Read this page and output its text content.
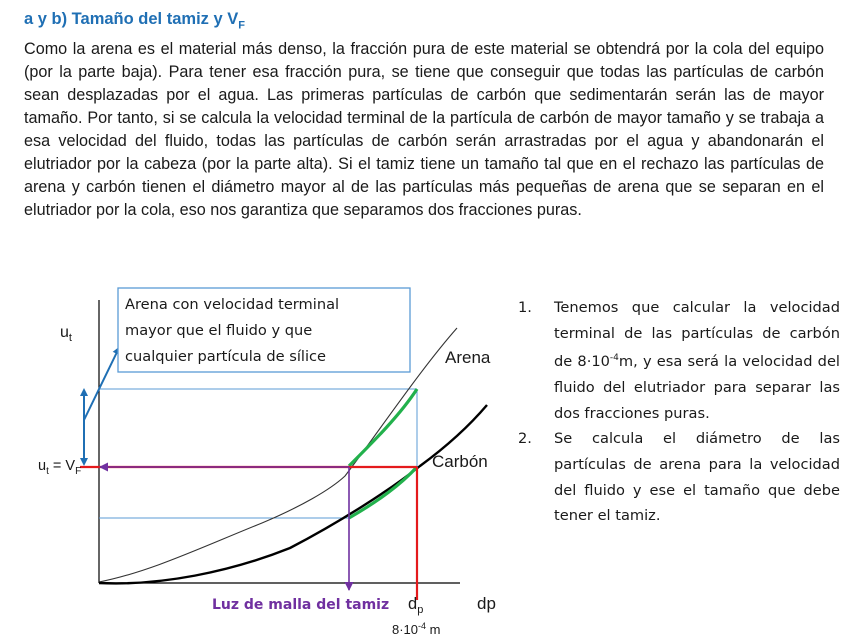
a y b) Tamaño del tamiz y $V_F$
Como la arena es el material más denso, la fracción pura de este material se obtendrá por la cola del equipo (por la parte baja). Para tener esa fracción pura, se tiene que conseguir que todas las partículas de carbón sean desplazadas por el agua. Las primeras partículas de carbón que sedimentarán serán las de mayor tamaño. Por tanto, si se calcula la velocidad terminal de la partícula de carbón de mayor tamaño y se trabaja a esa velocidad del fluido, todas las partículas de carbón serán arrastradas por el agua y abandonarán el elutriador por la cabeza (por la parte alta). Si el tamiz tiene un tamaño tal que en el rechazo las partículas de arena y carbón tienen el diámetro mayor al de las partículas más pequeñas de arena que se separan en el elutriador por la cola, eso nos garantiza que separamos dos fracciones puras.
Arena con velocidad terminal
mayor que el fluido y que
cualquier partícula de sílice
$u_t$
$u_t = V_F$
Arena
Carbón
Luz de malla del tamiz $d_p$	dp
$8\cdot 10^{-4}$ m
1.	Tenemos que calcular la velocidad terminal de las partículas de carbón de $8\cdot 10^{-4}m$, y esa será la velocidad del fluido del elutriador para separar las dos fracciones puras.
2.	Se calcula el diámetro de las partículas de arena para la velocidad del fluido y ese el tamaño que debe tener el tamiz.
